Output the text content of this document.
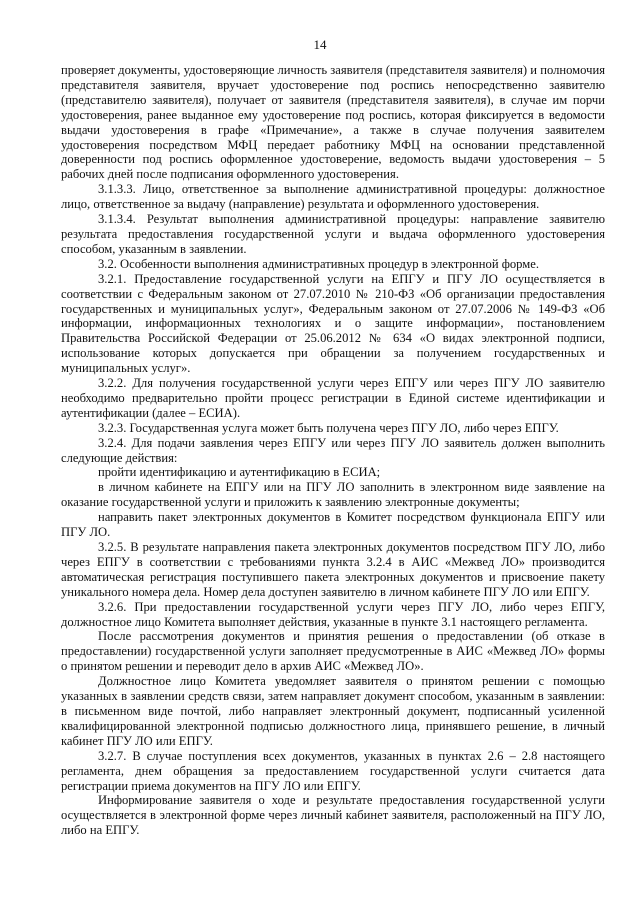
14

проверяет документы, удостоверяющие личность заявителя (представителя заявителя) и полномочия представителя заявителя, вручает удостоверение под роспись непосредственно заявителю (представителю заявителя), получает от заявителя (представителя заявителя), в случае им порчи удостоверения, ранее выданное ему удостоверение под роспись, которая фиксируется в ведомости выдачи удостоверения в графе «Примечание», а также в случае получения заявителем удостоверения посредством МФЦ передает работнику МФЦ на основании представленной доверенности под роспись оформленное удостоверение, ведомость выдачи удостоверения – 5 рабочих дней после подписания оформленного удостоверения.

3.1.3.3. Лицо, ответственное за выполнение административной процедуры: должностное лицо, ответственное за выдачу (направление) результата и оформленного удостоверения.

3.1.3.4. Результат выполнения административной процедуры: направление заявителю результата предоставления государственной услуги и выдача оформленного удостоверения способом, указанным в заявлении.

3.2. Особенности выполнения административных процедур в электронной форме.

3.2.1. Предоставление государственной услуги на ЕПГУ и ПГУ ЛО осуществляется в соответствии с Федеральным законом от 27.07.2010 № 210-ФЗ «Об организации предоставления государственных и муниципальных услуг», Федеральным законом от 27.07.2006 № 149-ФЗ «Об информации, информационных технологиях и о защите информации», постановлением Правительства Российской Федерации от 25.06.2012 № 634 «О видах электронной подписи, использование которых допускается при обращении за получением государственных и муниципальных услуг».

3.2.2. Для получения государственной услуги через ЕПГУ или через ПГУ ЛО заявителю необходимо предварительно пройти процесс регистрации в Единой системе идентификации и аутентификации (далее – ЕСИА).

3.2.3. Государственная услуга может быть получена через ПГУ ЛО, либо через ЕПГУ.

3.2.4. Для подачи заявления через ЕПГУ или через ПГУ ЛО заявитель должен выполнить следующие действия:

пройти идентификацию и аутентификацию в ЕСИА;

в личном кабинете на ЕПГУ или на ПГУ ЛО заполнить в электронном виде заявление на оказание государственной услуги и приложить к заявлению электронные документы;

направить пакет электронных документов в Комитет посредством функционала ЕПГУ или ПГУ ЛО.

3.2.5. В результате направления пакета электронных документов посредством ПГУ ЛО, либо через ЕПГУ в соответствии с требованиями пункта 3.2.4 в АИС «Межвед ЛО» производится автоматическая регистрация поступившего пакета электронных документов и присвоение пакету уникального номера дела. Номер дела доступен заявителю в личном кабинете ПГУ ЛО или ЕПГУ.

3.2.6. При предоставлении государственной услуги через ПГУ ЛО, либо через ЕПГУ, должностное лицо Комитета выполняет действия, указанные в пункте 3.1 настоящего регламента.

После рассмотрения документов и принятия решения о предоставлении (об отказе в предоставлении) государственной услуги заполняет предусмотренные в АИС «Межвед ЛО» формы о принятом решении и переводит дело в архив АИС «Межвед ЛО».

Должностное лицо Комитета уведомляет заявителя о принятом решении с помощью указанных в заявлении средств связи, затем направляет документ способом, указанным в заявлении: в письменном виде почтой, либо направляет электронный документ, подписанный усиленной квалифицированной электронной подписью должностного лица, принявшего решение, в личный кабинет ПГУ ЛО или ЕПГУ.

3.2.7. В случае поступления всех документов, указанных в пунктах 2.6 – 2.8 настоящего регламента, днем обращения за предоставлением государственной услуги считается дата регистрации приема документов на ПГУ ЛО или ЕПГУ.

Информирование заявителя о ходе и результате предоставления государственной услуги осуществляется в электронной форме через личный кабинет заявителя, расположенный на ПГУ ЛО, либо на ЕПГУ.
